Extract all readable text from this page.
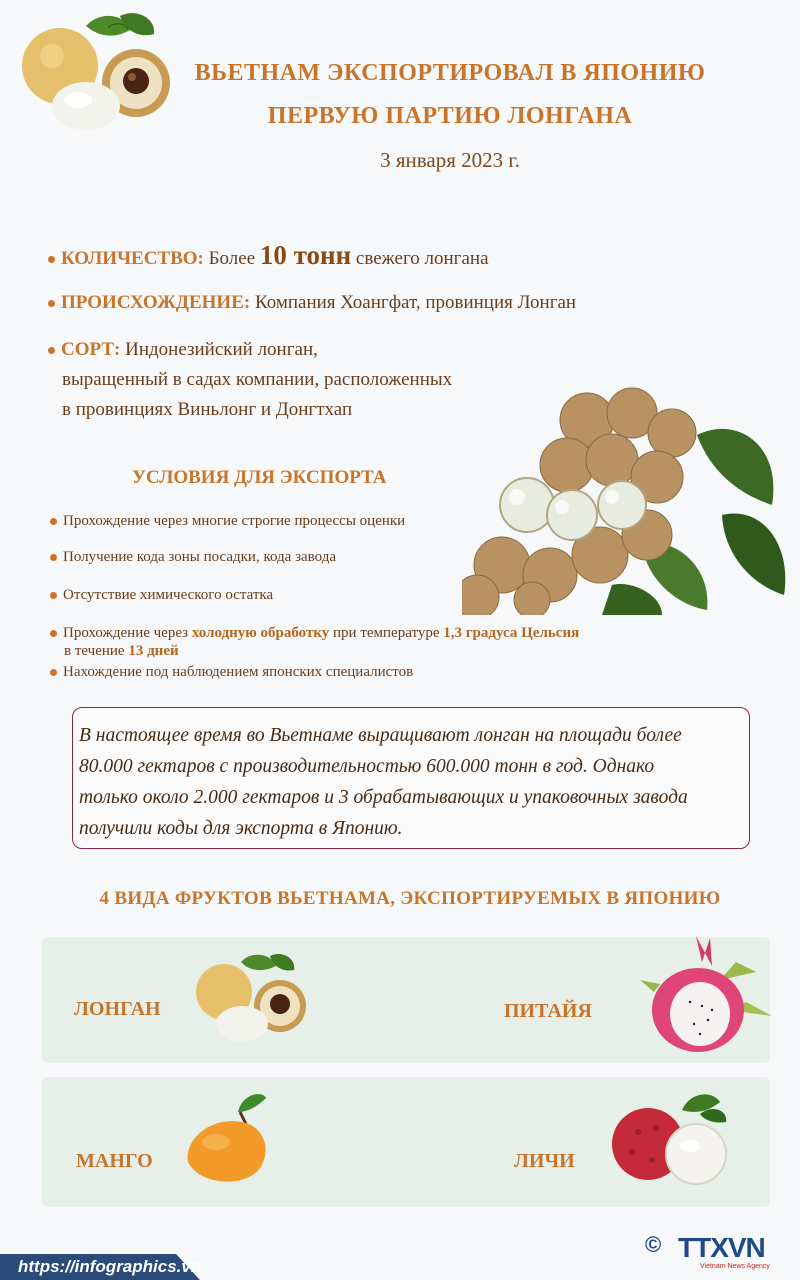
ВЬЕТНАМ ЭКСПОРТИРОВАЛ В ЯПОНИЮ
ПЕРВУЮ ПАРТИЮ ЛОНГАНА
3 января 2023 г.
КОЛИЧЕСТВО: Более 10 тонн свежего лонгана
ПРОИСХОЖДЕНИЕ: Компания Хоангфат, провинция Лонган
СОРТ: Индонезийский лонган,
выращенный в садах компании, расположенных
в провинциях Виньлонг и Донгтхап
УСЛОВИЯ ДЛЯ ЭКСПОРТА
Прохождение через многие строгие процессы оценки
Получение кода зоны посадки, кода завода
Отсутствие химического остатка
Прохождение через холодную обработку при температуре 1,3 градуса Цельсия
в течение 13 дней
Нахождение под наблюдением японских специалистов
В настоящее время во Вьетнаме выращивают лонган на площади более
80.000 гектаров с производительностью 600.000 тонн в год. Однако
только около 2.000 гектаров и 3 обрабатывающих и упаковочных завода
получили коды для экспорта в Японию.
4 ВИДА ФРУКТОВ ВЬЕТНАМА, ЭКСПОРТИРУЕМЫХ В ЯПОНИЮ
ЛОНГАН	ПИТАЙЯ
МАНГО	ЛИЧИ
https://infographics.vn
© TTXVN
Vietnam News Agency
